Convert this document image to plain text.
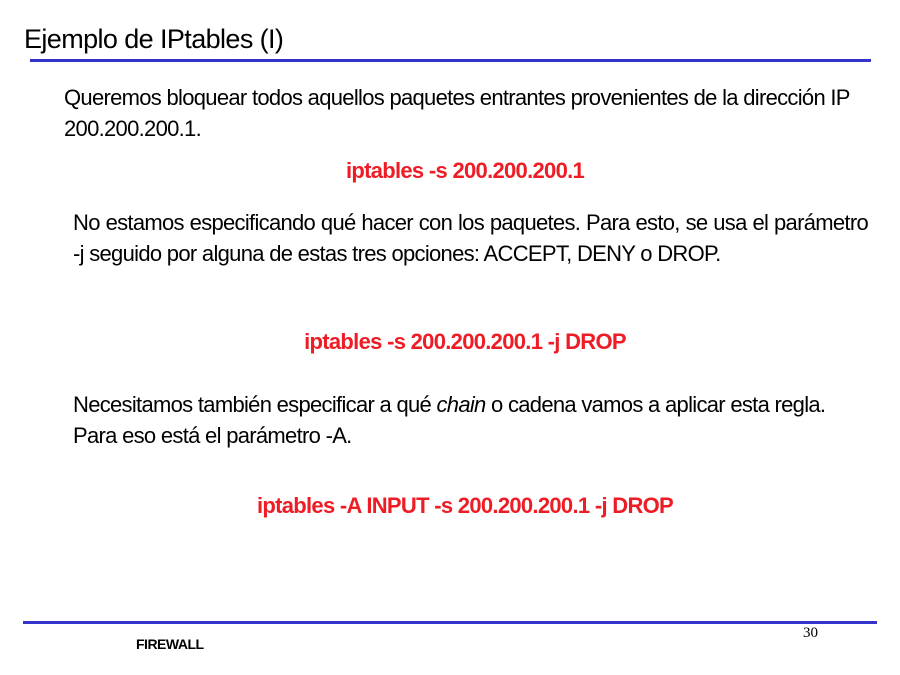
Ejemplo de IPtables (I)
Queremos bloquear todos aquellos paquetes entrantes provenientes de la dirección IP 200.200.200.1.
iptables -s 200.200.200.1
No estamos especificando qué hacer con los paquetes. Para esto, se usa el parámetro -j seguido por alguna de estas tres opciones: ACCEPT, DENY o DROP.
iptables -s 200.200.200.1 -j DROP
Necesitamos también especificar a qué chain o cadena vamos a aplicar esta regla. Para eso está el parámetro -A.
iptables -A INPUT -s 200.200.200.1 -j DROP
30
FIREWALL
